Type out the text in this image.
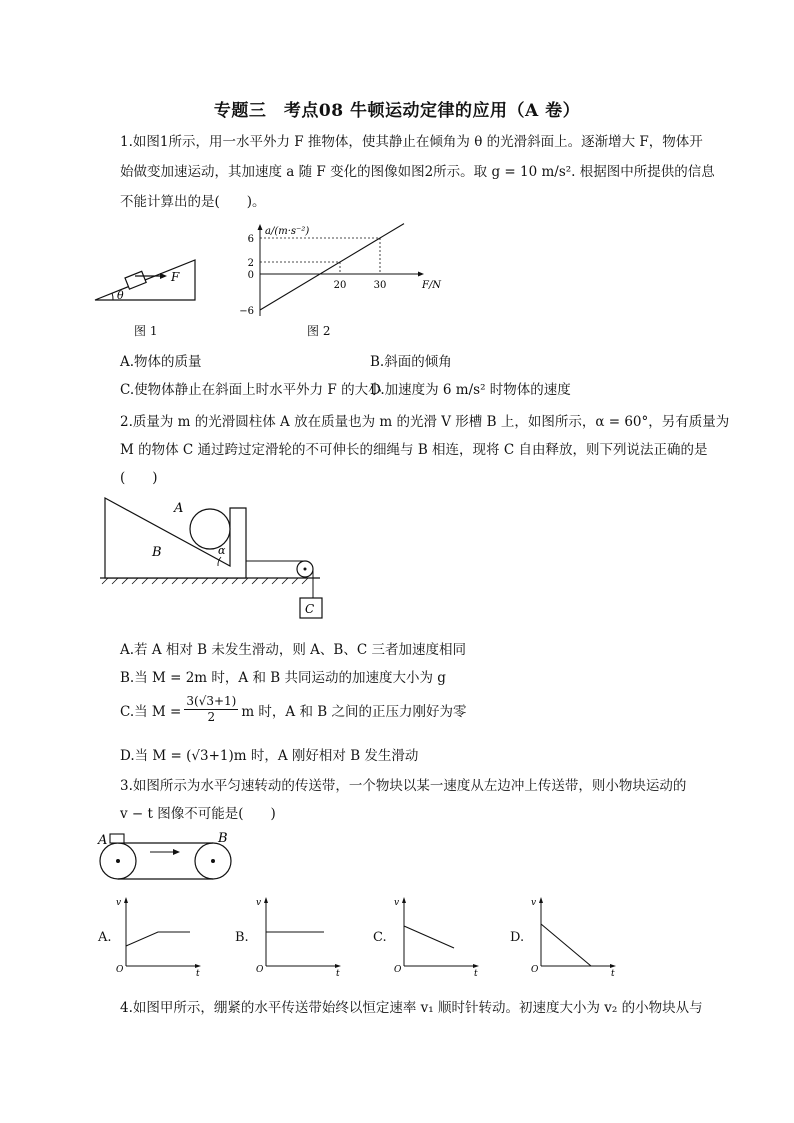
专题三　考点08 牛顿运动定律的应用（A 卷）
1.如图1所示，用一水平外力 F 推物体，使其静止在倾角为 θ 的光滑斜面上。逐渐增大 F，物体开
始做变加速运动，其加速度 a 随 F 变化的图像如图2所示。取 g = 10 m/s². 根据图中所提供的信息
不能计算出的是(　　)。
F
θ
图 1
a/(m·s⁻²)
F/N
6
2
0
−6
20	30
图 2
A.物体的质量	B.斜面的倾角
C.使物体静止在斜面上时水平外力 F 的大小
D.加速度为 6 m/s² 时物体的速度
2.质量为 m 的光滑圆柱体 A 放在质量也为 m 的光滑 V 形槽 B 上，如图所示，α = 60°，另有质量为
M 的物体 C 通过跨过定滑轮的不可伸长的细绳与 B 相连，现将 C 自由释放，则下列说法正确的是
(　　)
α
A
B
C
A.若 A 相对 B 未发生滑动，则 A、B、C 三者加速度相同
B.当 M = 2m 时，A 和 B 共同运动的加速度大小为 g
C.当 $M = \frac{3(√3+1)}{2}$ m 时，A 和 B 之间的正压力刚好为零
D.当 M = (√3+1)m 时，A 刚好相对 B 发生滑动
3.如图所示为水平匀速转动的传送带，一个物块以某一速度从左边冲上传送带，则小物块运动的
v − t 图像不可能是(　　)
A	B
A.
v
t
O
B.
v
t
O
C.
v
t
O
D.
v
t
O
4.如图甲所示，绷紧的水平传送带始终以恒定速率 v₁ 顺时针转动。初速度大小为 v₂ 的小物块从与
